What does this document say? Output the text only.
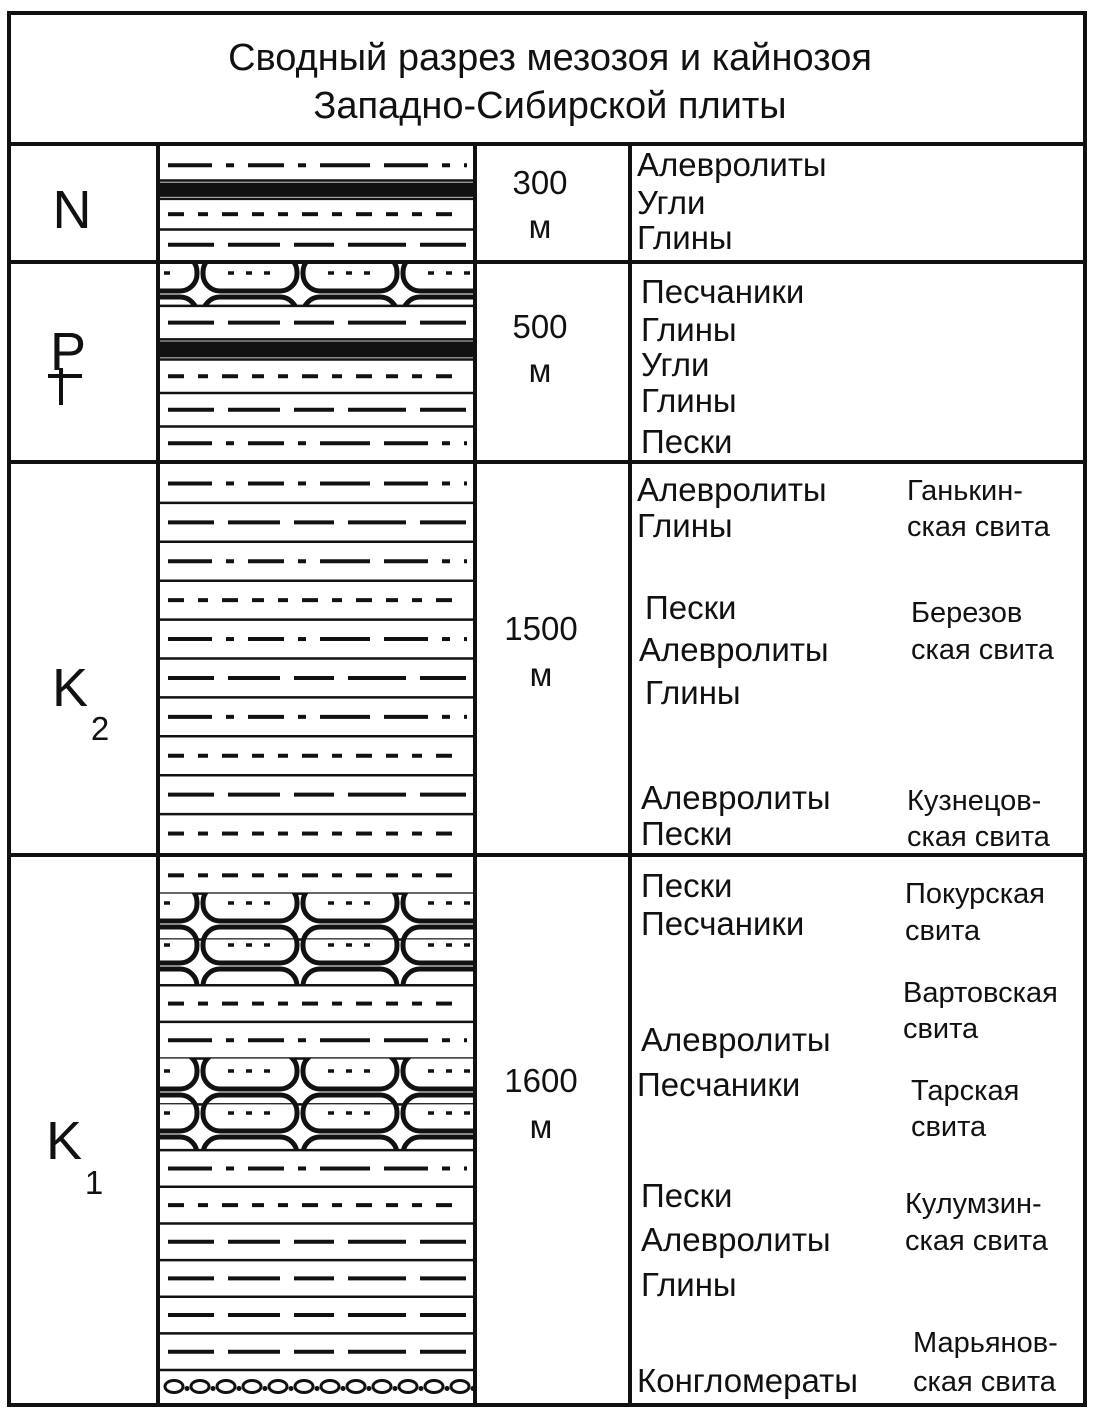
Сводный разрез мезозоя и кайнозоя
Западно-Сибирской плиты
N	300
м
Алевролиты
Угли
Глины
P	500
м
Песчаники
Глины
Угли
Глины
Пески
K
2
1500
м
Алевролиты
Глины
Пески
Алевролиты
Глины
Алевролиты
Пески
Ганькин-
ская свита
Березов
ская свита
Кузнецов-
ская свита
K
1
1600
м
Пески
Песчаники
Алевролиты
Песчаники
Пески
Алевролиты
Глины
Конгломераты
Покурская
свита
Вартовская
свита
Тарская
свита
Кулумзин-
ская свита
Марьянов-
ская свита
